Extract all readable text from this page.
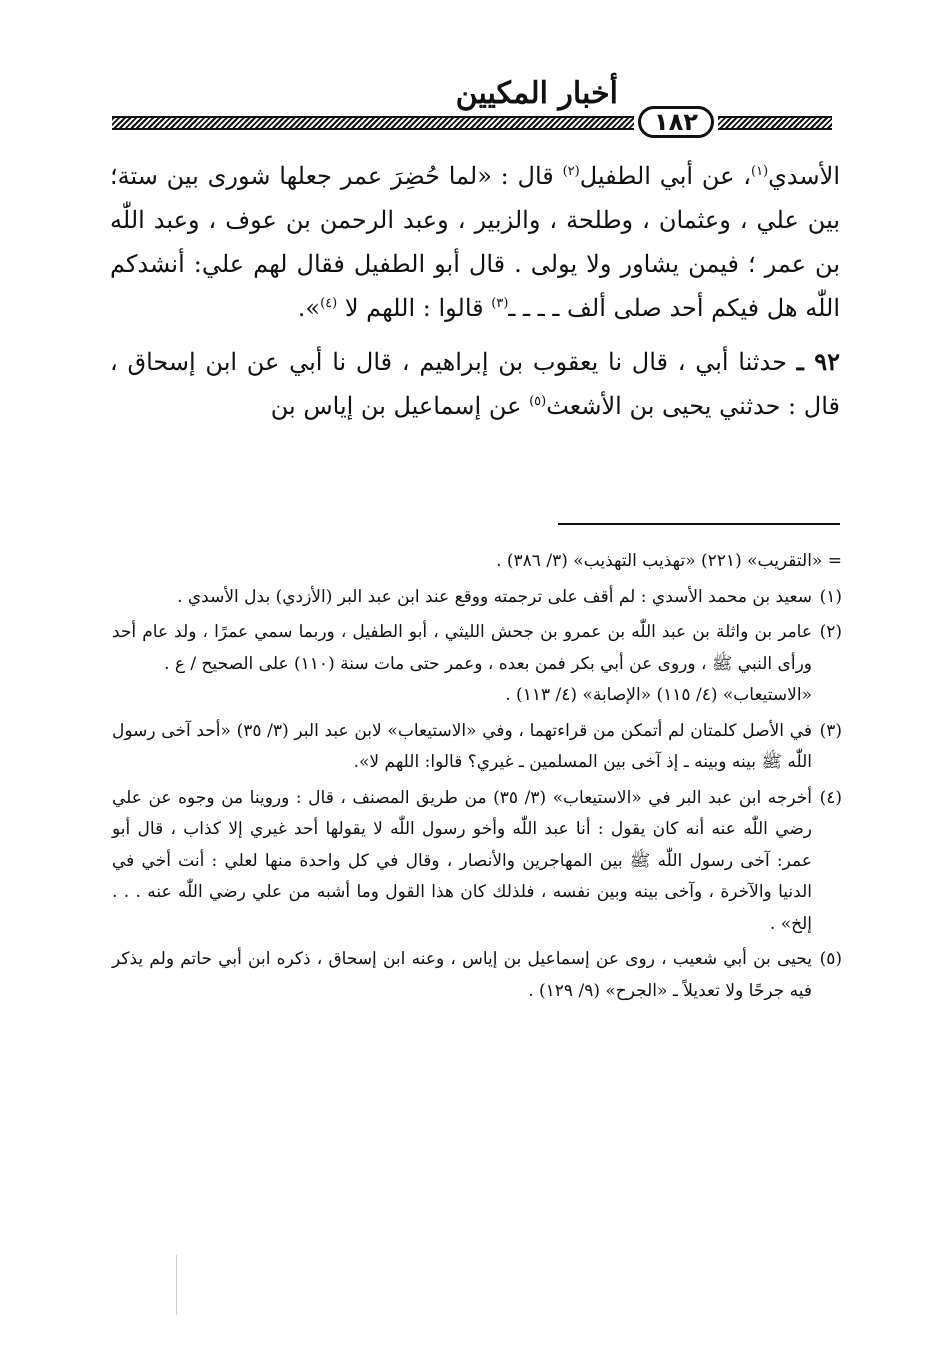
أخبار المكيين
١٨٢

الأسدي$^{(١)}$، عن أبي الطفيل$^{(٢)}$ قال : «لما حُضِرَ عمر جعلها شورى بين ستة؛ بين علي ، وعثمان ، وطلحة ، والزبير ، وعبد الرحمن بن عوف ، وعبد اللّٰه بن عمر ؛ فيمن يشاور ولا يولى . قال أبو الطفيل فقال لهم علي: أنشدكم اللّٰه هل فيكم أحد صلى ألف ـ ـ ـ ـ$^{(٣)}$ قالوا : اللهم لا $^{(٤)}$».

٩٢ ـ حدثنا أبي ، قال نا يعقوب بن إبراهيم ، قال نا أبي عن ابن إسحاق ، قال : حدثني يحيى بن الأشعث$^{(٥)}$ عن إسماعيل بن إياس بن

= «التقريب» (٢٢١) «تهذيب التهذيب» (٣/ ٣٨٦) .
(١)
سعيد بن محمد الأسدي : لم أقف على ترجمته ووقع عند ابن عبد البر (الأزدي) بدل الأسدي .
(٢)
عامر بن واثلة بن عبد اللّٰه بن عمرو بن جحش الليثي ، أبو الطفيل ، وربما سمي عمرًا ، ولد عام أحد ورأى النبي ﷺ ، وروى عن أبي بكر فمن بعده ، وعمر حتى مات سنة (١١٠) على الصحيح / ع .
«الاستيعاب» (٤/ ١١٥) «الإصابة» (٤/ ١١٣) .
(٣)
في الأصل كلمتان لم أتمكن من قراءتهما ، وفي «الاستيعاب» لابن عبد البر (٣/ ٣٥) «أحد آخى رسول اللّٰه ﷺ بينه وبينه ـ إذ آخى بين المسلمين ـ غيري؟ قالوا: اللهم لا».
(٤)
أخرجه ابن عبد البر في «الاستيعاب» (٣/ ٣٥) من طريق المصنف ، قال : وروينا من وجوه عن علي رضي اللّٰه عنه أنه كان يقول : أنا عبد اللّٰه وأخو رسول اللّٰه لا يقولها أحد غيري إلا كذاب ، قال أبو عمر: آخى رسول اللّٰه ﷺ بين المهاجرين والأنصار ، وقال في كل واحدة منها لعلي : أنت أخي في الدنيا والآخرة ، وآخى بينه وبين نفسه ، فلذلك كان هذا القول وما أشبه من علي رضي اللّٰه عنه . . . إلخ» .
(٥)
يحيى بن أبي شعيب ، روى عن إسماعيل بن إياس ، وعنه ابن إسحاق ، ذكره ابن أبي حاتم ولم يذكر فيه جرحًا ولا تعديلاً ـ «الجرح» (٩/ ١٢٩) .
